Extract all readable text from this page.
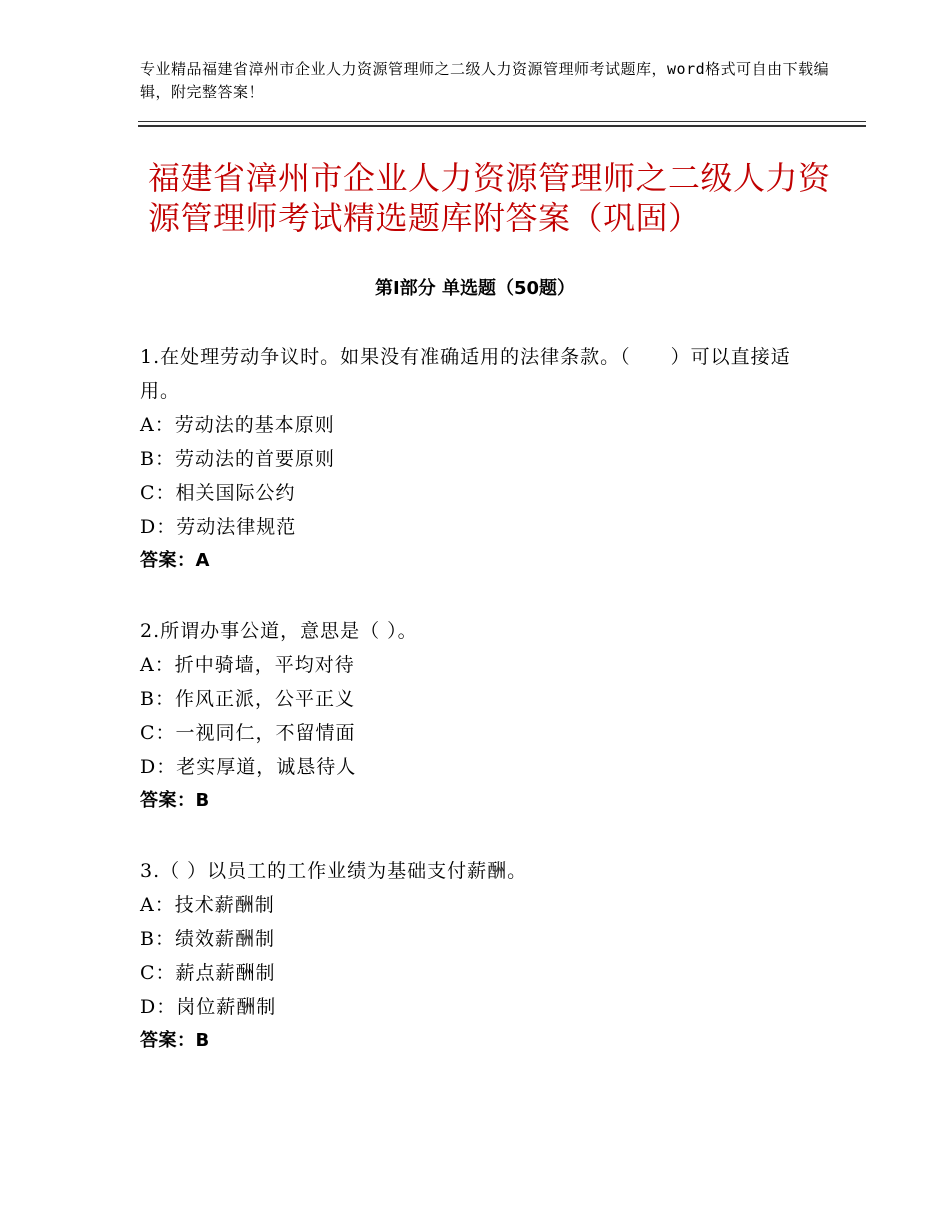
专业精品福建省漳州市企业人力资源管理师之二级人力资源管理师考试题库，word格式可自由下载编辑，附完整答案！
福建省漳州市企业人力资源管理师之二级人力资源管理师考试精选题库附答案（巩固）
第Ⅰ部分 单选题（50题）
1.在处理劳动争议时。如果没有准确适用的法律条款。（　　）可以直接适用。
A：劳动法的基本原则
B：劳动法的首要原则
C：相关国际公约
D：劳动法律规范
答案：A
2.所谓办事公道，意思是（ ）。
A：折中骑墙，平均对待
B：作风正派，公平正义
C：一视同仁，不留情面
D：老实厚道，诚恳待人
答案：B
3.（ ）以员工的工作业绩为基础支付薪酬。
A：技术薪酬制
B：绩效薪酬制
C：薪点薪酬制
D：岗位薪酬制
答案：B
